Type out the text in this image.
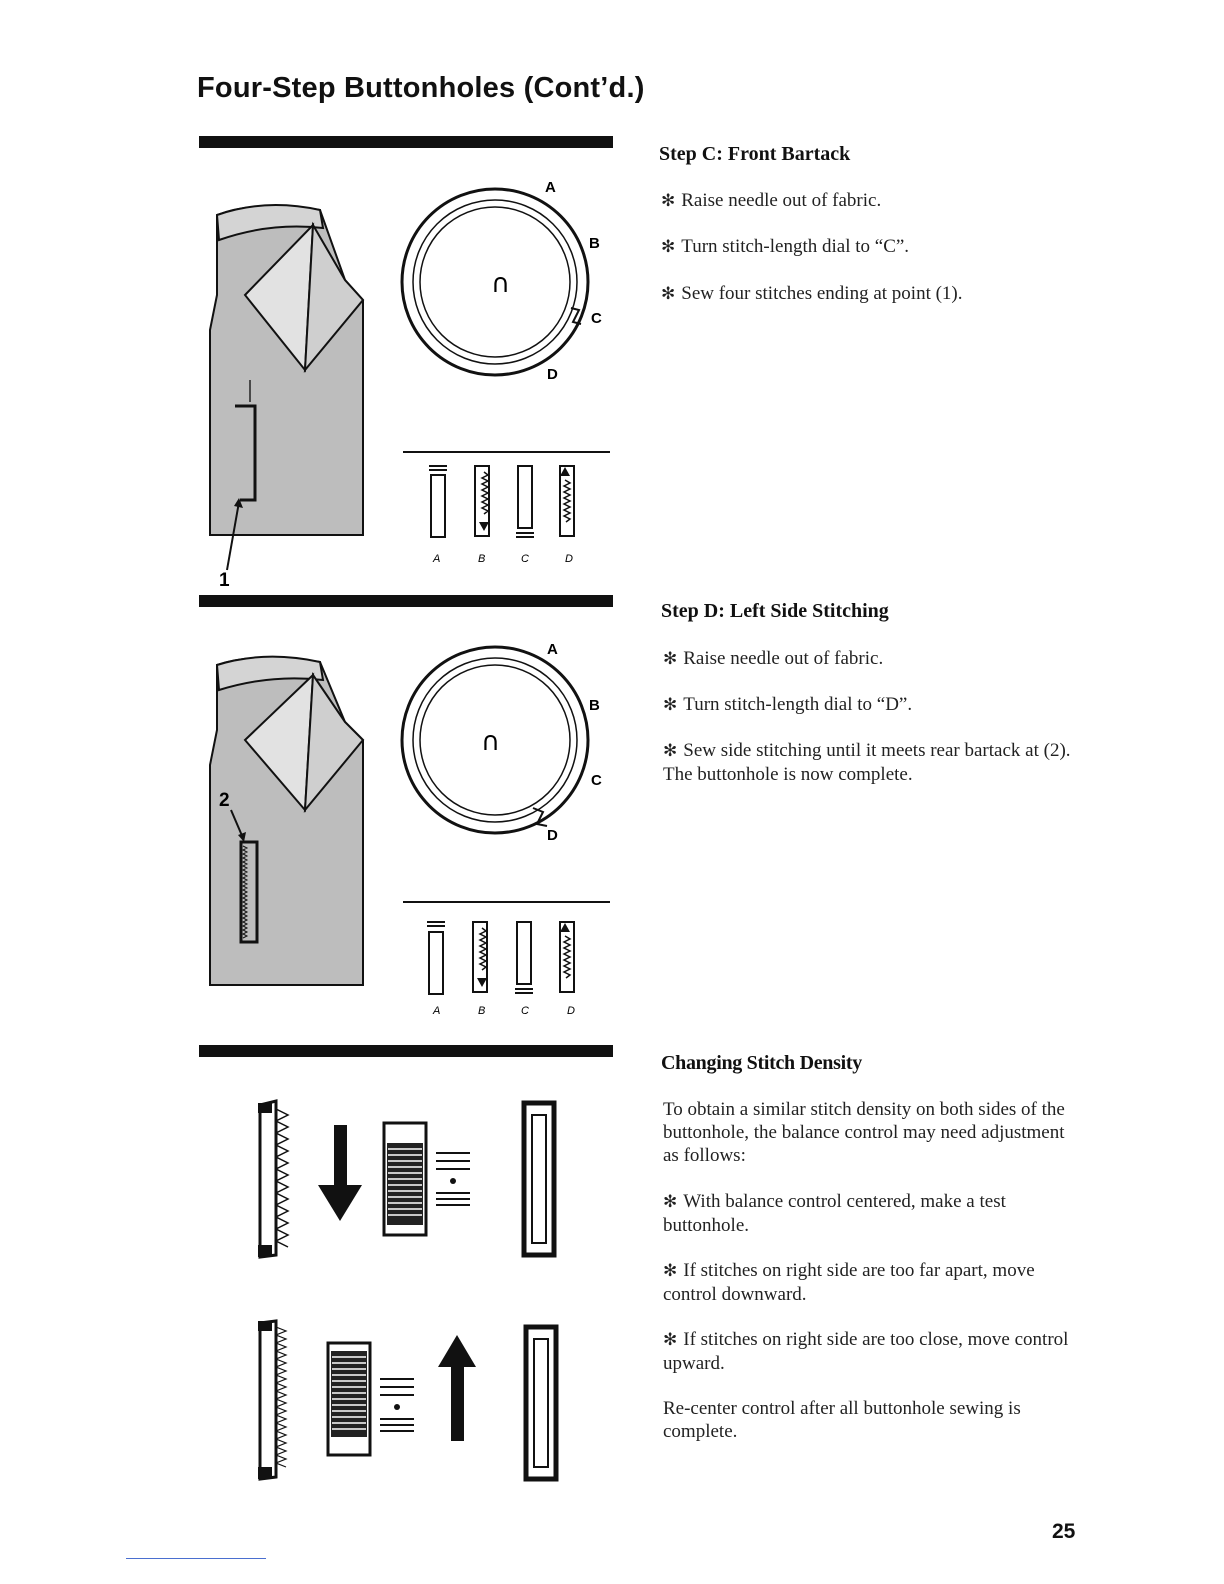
Four-Step Buttonholes (Cont’d.)
1
∩
A
B
C
D
A	B	C	D
2
∩
A
B
C
D
A	B	C	D
Step C: Front Bartack
✻ Raise needle out of fabric.
✻ Turn stitch-length dial to “C”.
✻ Sew four stitches ending at point (1).
Step D: Left Side Stitching
✻ Raise needle out of fabric.
✻ Turn stitch-length dial to “D”.
✻ Sew side stitching until it meets rear bartack at (2). The buttonhole is now complete.
Changing Stitch Density
To obtain a similar stitch density on both sides of the buttonhole, the balance control may need adjustment as follows:
✻ With balance control centered, make a test buttonhole.
✻ If stitches on right side are too far apart, move control downward.
✻ If stitches on right side are too close, move control upward.
Re-center control after all buttonhole sewing is complete.
25
